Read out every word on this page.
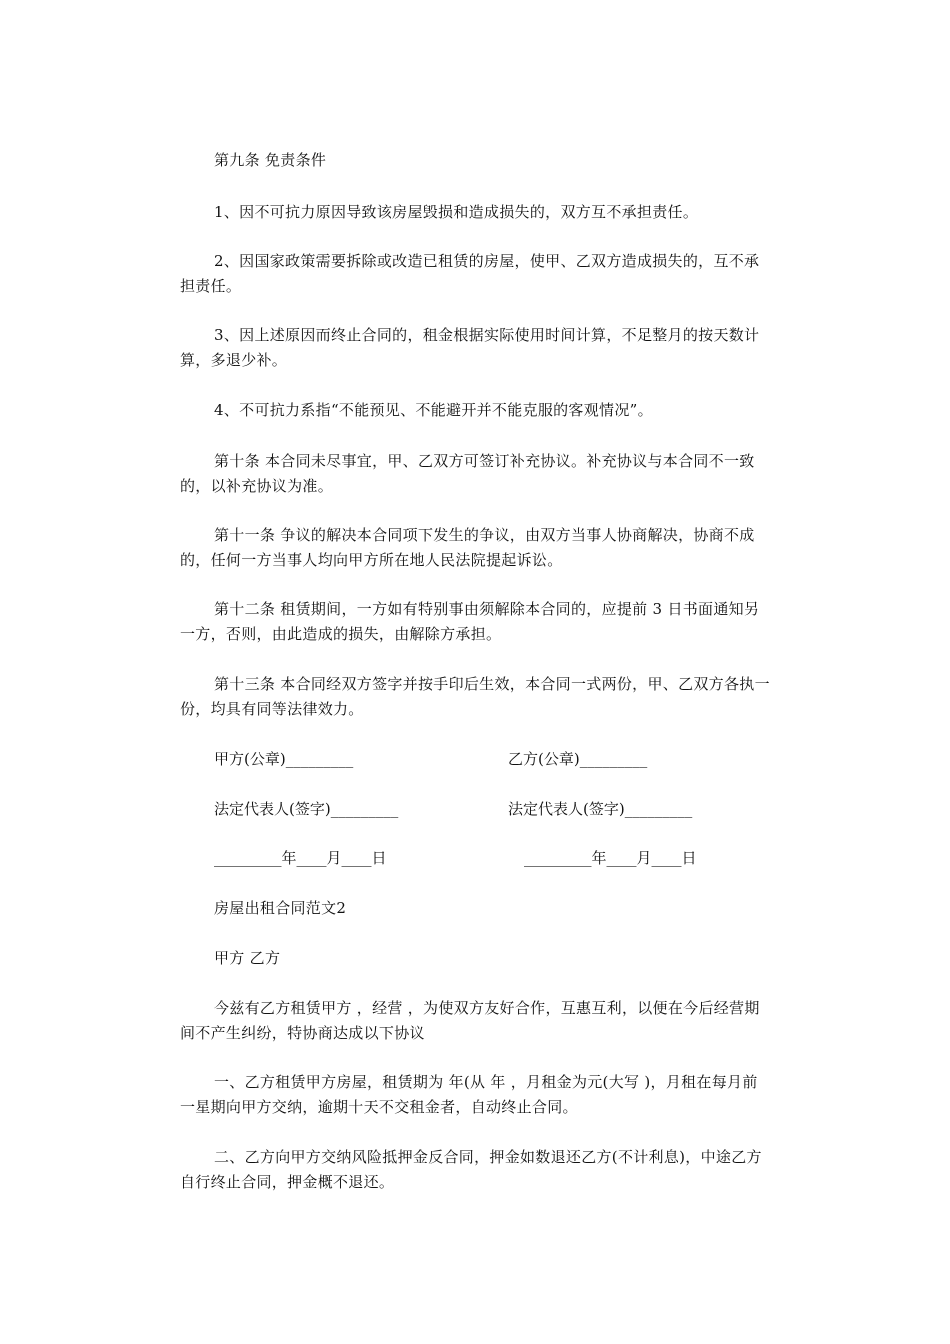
第九条 免责条件
1、因不可抗力原因导致该房屋毁损和造成损失的，双方互不承担责任。
2、因国家政策需要拆除或改造已租赁的房屋，使甲、乙双方造成损失的，互不承担责任。
3、因上述原因而终止合同的，租金根据实际使用时间计算，不足整月的按天数计算，多退少补。
4、不可抗力系指“不能预见、不能避开并不能克服的客观情况”。
第十条 本合同未尽事宜，甲、乙双方可签订补充协议。补充协议与本合同不一致的，以补充协议为准。
第十一条 争议的解决本合同项下发生的争议，由双方当事人协商解决，协商不成的，任何一方当事人均向甲方所在地人民法院提起诉讼。
第十二条 租赁期间，一方如有特别事由须解除本合同的，应提前 3 日书面通知另一方，否则，由此造成的损失，由解除方承担。
第十三条 本合同经双方签字并按手印后生效，本合同一式两份，甲、乙双方各执一份，均具有同等法律效力。
甲方(公章)_________	乙方(公章)_________
法定代表人(签字)_________	法定代表人(签字)_________
_________年____月____日	_________年____月____日
房屋出租合同范文2
甲方 乙方
今兹有乙方租赁甲方 ，经营 ，为使双方友好合作，互惠互利，以便在今后经营期间不产生纠纷，特协商达成以下协议
一、乙方租赁甲方房屋，租赁期为 年(从 年 ，月租金为元(大写 )，月租在每月前一星期向甲方交纳，逾期十天不交租金者，自动终止合同。
二、乙方向甲方交纳风险抵押金反合同，押金如数退还乙方(不计利息)，中途乙方自行终止合同，押金概不退还。
